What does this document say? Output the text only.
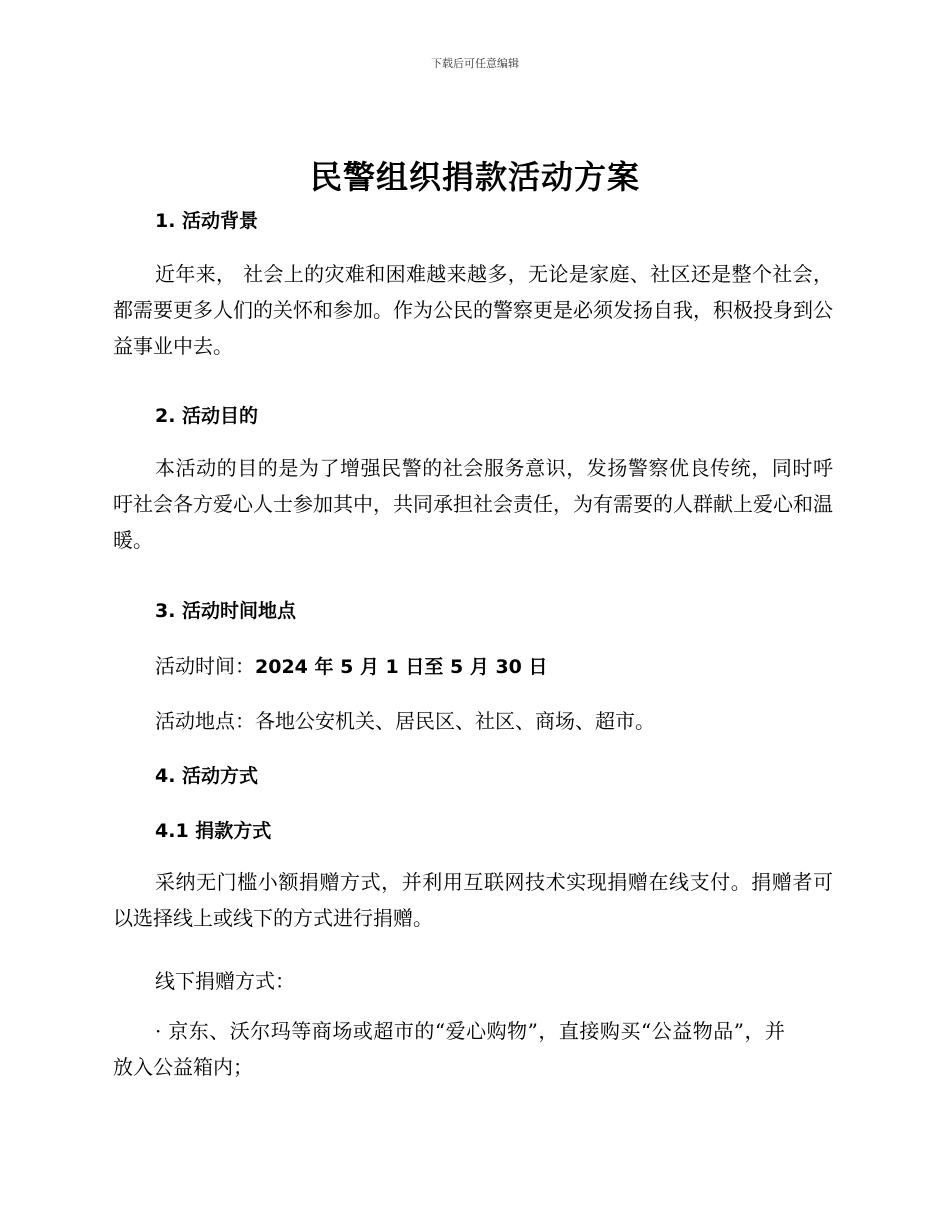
下载后可任意编辑
民警组织捐款活动方案
1. 活动背景
近年来， 社会上的灾难和困难越来越多，无论是家庭、社区还是整个社会，都需要更多人们的关怀和参加。作为公民的警察更是必须发扬自我，积极投身到公益事业中去。
2. 活动目的
本活动的目的是为了增强民警的社会服务意识，发扬警察优良传统，同时呼吁社会各方爱心人士参加其中，共同承担社会责任，为有需要的人群献上爱心和温暖。
3. 活动时间地点
活动时间：2024 年 5 月 1 日至 5 月 30 日
活动地点：各地公安机关、居民区、社区、商场、超市。
4. 活动方式
4.1 捐款方式
采纳无门槛小额捐赠方式，并利用互联网技术实现捐赠在线支付。捐赠者可以选择线上或线下的方式进行捐赠。
线下捐赠方式：
· 京东、沃尔玛等商场或超市的“爱心购物”，直接购买“公益物品”，并放入公益箱内；
